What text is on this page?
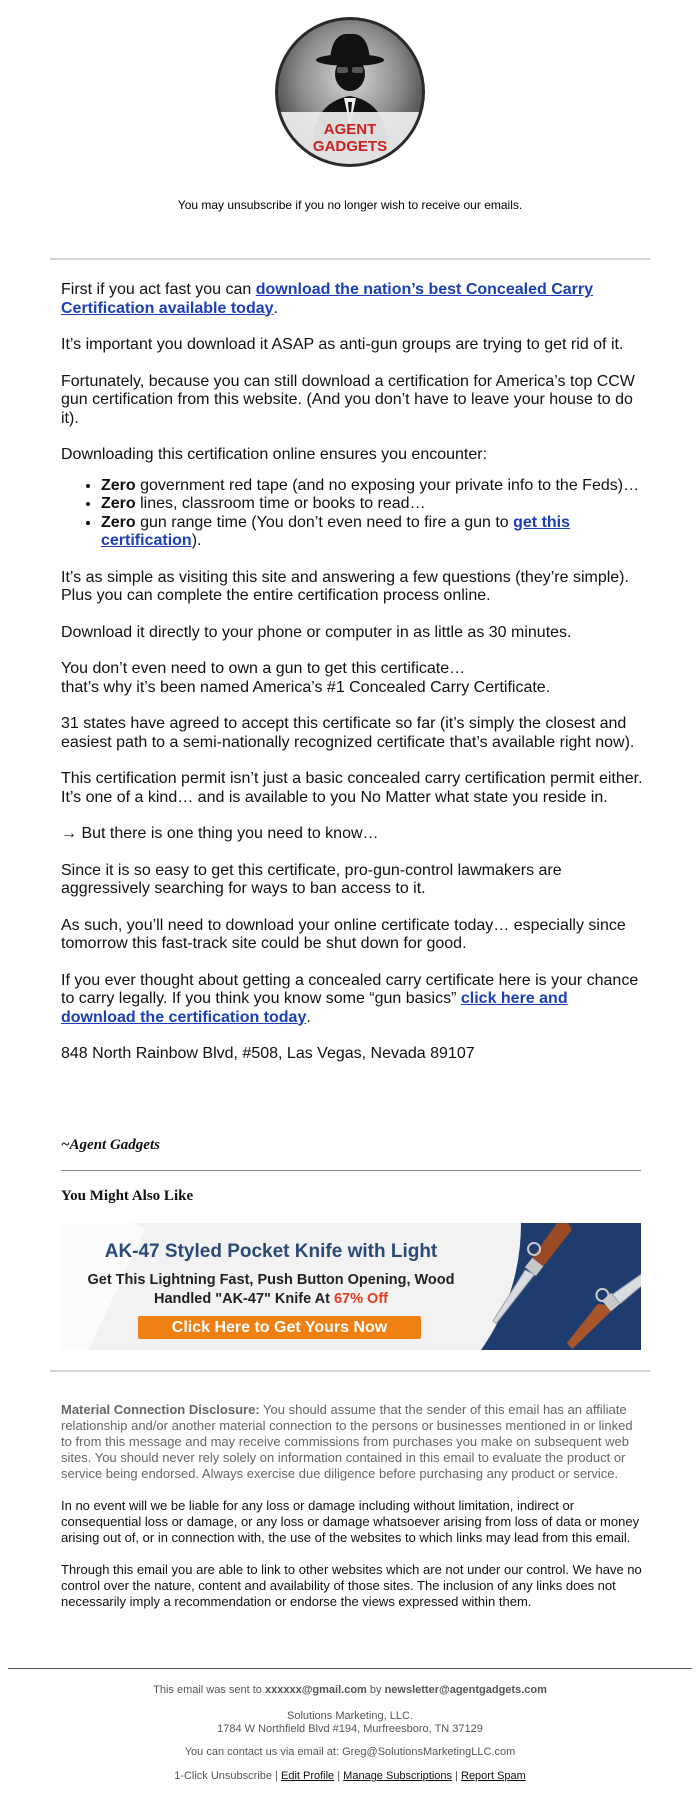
AGENT
GADGETS
You may unsubscribe if you no longer wish to receive our emails.

First if you act fast you can download the nation’s best Concealed Carry Certification available today.

It’s important you download it ASAP as anti-gun groups are trying to get rid of it.

Fortunately, because you can still download a certification for America’s top CCW gun certification from this website. (And you don’t have to leave your house to do it).

Downloading this certification online ensures you encounter:

• Zero government red tape (and no exposing your private info to the Feds)…
• Zero lines, classroom time or books to read…
• Zero gun range time (You don’t even need to fire a gun to get this certification).

It’s as simple as visiting this site and answering a few questions (they’re simple). Plus you can complete the entire certification process online.

Download it directly to your phone or computer in as little as 30 minutes.

You don’t even need to own a gun to get this certificate…
that’s why it’s been named America’s #1 Concealed Carry Certificate.

31 states have agreed to accept this certificate so far (it’s simply the closest and easiest path to a semi-nationally recognized certificate that’s available right now).

This certification permit isn’t just a basic concealed carry certification permit either. It’s one of a kind… and is available to you No Matter what state you reside in.

→ But there is one thing you need to know…

Since it is so easy to get this certificate, pro-gun-control lawmakers are aggressively searching for ways to ban access to it.

As such, you’ll need to download your online certificate today… especially since tomorrow this fast-track site could be shut down for good.

If you ever thought about getting a concealed carry certificate here is your chance to carry legally. If you think you know some “gun basics” click here and download the certification today.

848 North Rainbow Blvd, #508, Las Vegas, Nevada 89107

~Agent Gadgets
You Might Also Like
AK-47 Styled Pocket Knife with Light
Get This Lightning Fast, Push Button Opening, Wood
Handled "AK-47" Knife At 67% Off
Click Here to Get Yours Now

Material Connection Disclosure: You should assume that the sender of this email has an affiliate relationship and/or another material connection to the persons or businesses mentioned in or linked to from this message and may receive commissions from purchases you make on subsequent web sites. You should never rely solely on information contained in this email to evaluate the product or service being endorsed. Always exercise due diligence before purchasing any product or service.

In no event will we be liable for any loss or damage including without limitation, indirect or consequential loss or damage, or any loss or damage whatsoever arising from loss of data or money arising out of, or in connection with, the use of the websites to which links may lead from this email.

Through this email you are able to link to other websites which are not under our control. We have no control over the nature, content and availability of those sites. The inclusion of any links does not necessarily imply a recommendation or endorse the views expressed within them.

This email was sent to xxxxxx@gmail.com by newsletter@agentgadgets.com
Solutions Marketing, LLC.
1784 W Northfield Blvd #194, Murfreesboro, TN 37129
You can contact us via email at: Greg@SolutionsMarketingLLC.com
1-Click Unsubscribe | Edit Profile | Manage Subscriptions | Report Spam
